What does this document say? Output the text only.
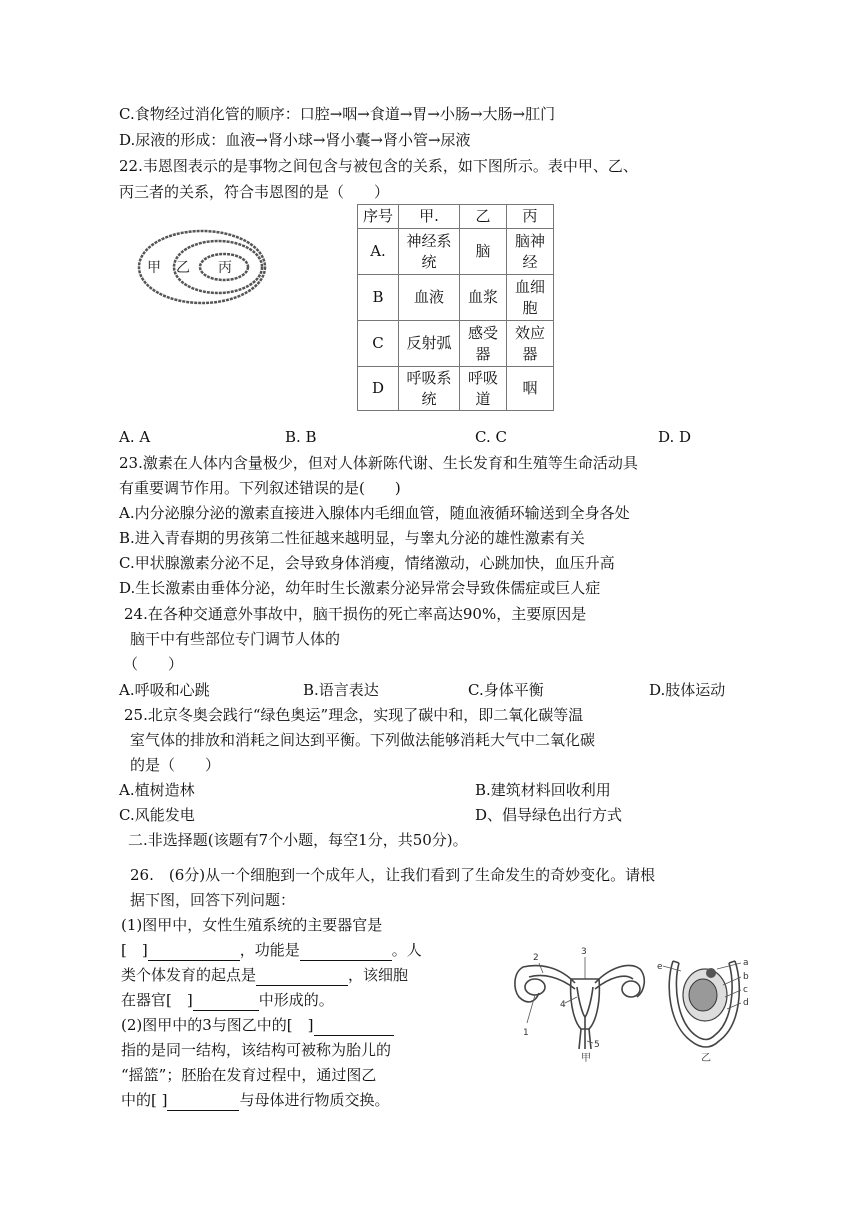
C.食物经过消化管的顺序：口腔→咽→食道→胃→小肠→大肠→肛门
D.尿液的形成：血液→肾小球→肾小囊→肾小管→尿液
22.韦恩图表示的是事物之间包含与被包含的关系，如下图所示。表中甲、乙、
丙三者的关系，符合韦恩图的是（　　）
甲 乙 丙
序号	甲.	乙	丙
A.	神经系统	脑	脑神经
B	血液	血浆	血细胞
C	反射弧	感受器	效应器
D	呼吸系统	呼吸道	咽
A. A	B. B	C. C	D. D
23.激素在人体内含量极少，但对人体新陈代谢、生长发育和生殖等生命活动具
有重要调节作用。下列叙述错误的是(　　)
A.内分泌腺分泌的激素直接进入腺体内毛细血管，随血液循环输送到全身各处
B.进入青春期的男孩第二性征越来越明显，与睾丸分泌的雄性激素有关
C.甲状腺激素分泌不足，会导致身体消瘦，情绪激动，心跳加快，血压升高
D.生长激素由垂体分泌，幼年时生长激素分泌异常会导致侏儒症或巨人症
24.在各种交通意外事故中，脑干损伤的死亡率高达90%，主要原因是
脑干中有些部位专门调节人体的
（　　）
A.呼吸和心跳	B.语言表达	C.身体平衡	D.肢体运动
25.北京冬奥会践行“绿色奥运”理念，实现了碳中和，即二氧化碳等温
室气体的排放和消耗之间达到平衡。下列做法能够消耗大气中二氧化碳
的是（　　）
A.植树造林	B.建筑材料回收利用
C.风能发电	D、倡导绿色出行方式
二.非选择题(该题有7个小题，每空1分，共50分)。
26.　(6分)从一个细胞到一个成年人，让我们看到了生命发生的奇妙变化。请根
据下图，回答下列问题：
(1)图甲中，女性生殖系统的主要器官是
[　]	，功能是	。人
类个体发育的起点是	，该细胞
在器官[　]	中形成的。
(2)图甲中的3与图乙中的[　]
指的是同一结构，该结构可被称为胎儿的
“摇篮”；胚胎在发育过程中，通过图乙
中的[ ]	与母体进行物质交换。
2
3
4
1
5
甲
e	a
b
c
d
乙
